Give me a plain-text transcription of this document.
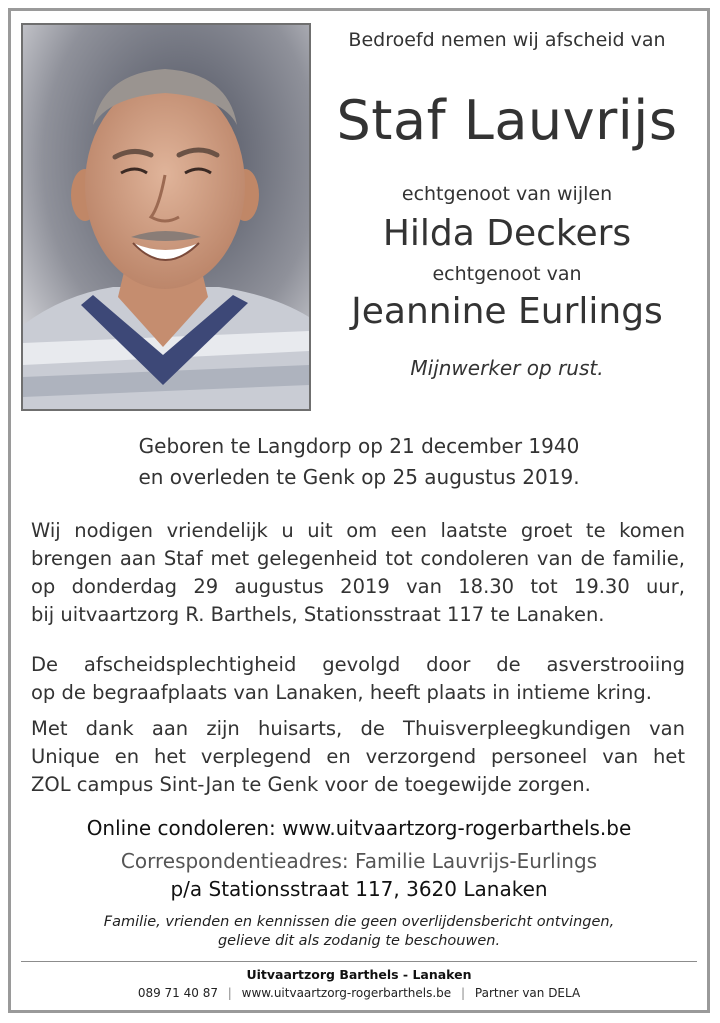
Bedroefd nemen wij afscheid van
Staf Lauvrijs
echtgenoot van wijlen
Hilda Deckers
echtgenoot van
Jeannine Eurlings
Mijnwerker op rust.
Geboren te Langdorp op 21 december 1940
en overleden te Genk op 25 augustus 2019.
Wij nodigen vriendelijk u uit om een laatste groet te komen
brengen aan Staf met gelegenheid tot condoleren van de familie,
op donderdag 29 augustus 2019 van 18.30 tot 19.30 uur,
bij uitvaartzorg R. Barthels, Stationsstraat 117 te Lanaken.
De afscheidsplechtigheid gevolgd door de asverstrooiing
op de begraafplaats van Lanaken, heeft plaats in intieme kring.
Met dank aan zijn huisarts, de Thuisverpleegkundigen van
Unique en het verplegend en verzorgend personeel van het
ZOL campus Sint-Jan te Genk voor de toegewijde zorgen.
Online condoleren: www.uitvaartzorg-rogerbarthels.be
Correspondentieadres: Familie Lauvrijs-Eurlings
p/a Stationsstraat 117, 3620 Lanaken
Familie, vrienden en kennissen die geen overlijdensbericht ontvingen,
gelieve dit als zodanig te beschouwen.
Uitvaartzorg Barthels - Lanaken
089 71 40 87 | www.uitvaartzorg-rogerbarthels.be | Partner van DELA
